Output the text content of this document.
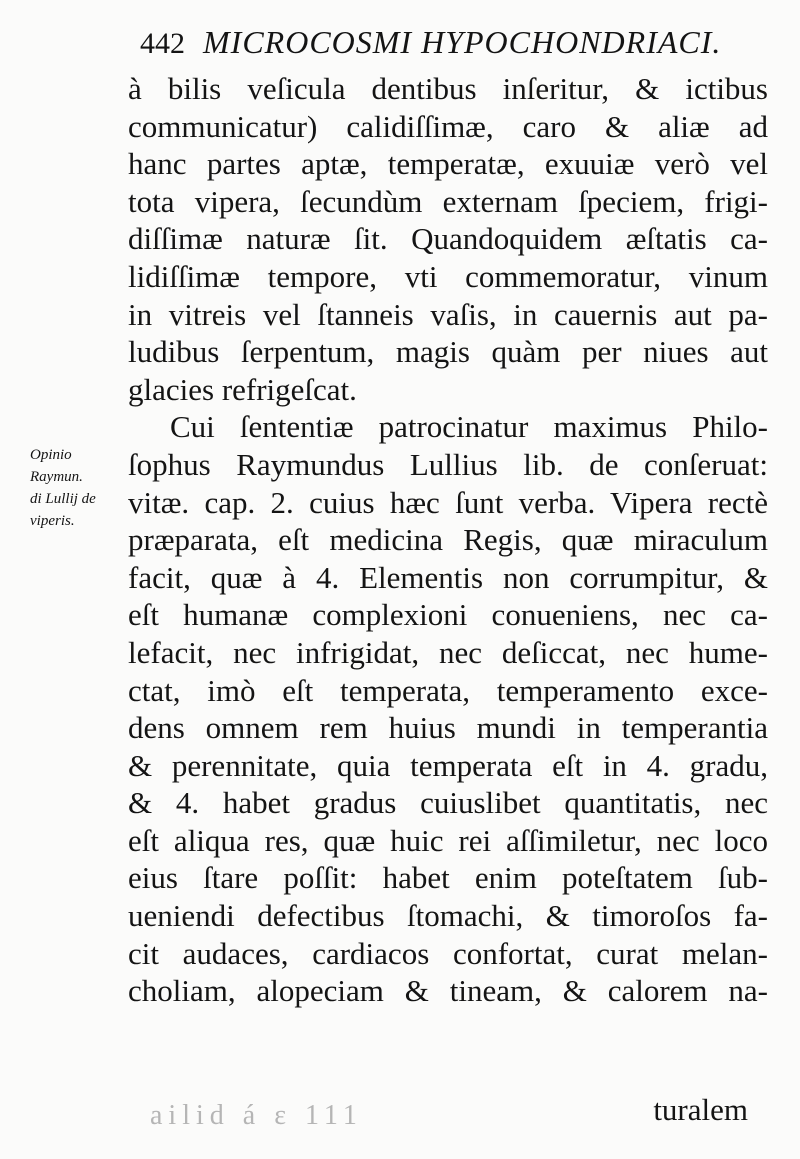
442 MICROCOSMI HYPOCHONDRIACI.
à bilis veſicula dentibus inſeritur, & ictibus
communicatur) calidiſſimæ, caro & aliæ ad
hanc partes aptæ, temperatæ, exuuiæ verò vel
tota vipera, ſecundùm externam ſpeciem, frigi-
diſſimæ naturæ ſit. Quandoquidem æſtatis ca-
lidiſſimæ tempore, vti commemoratur, vinum
in vitreis vel ſtanneis vaſis, in cauernis aut pa-
ludibus ſerpentum, magis quàm per niues aut
glacies refrigeſcat.
Cui ſententiæ patrocinatur maximus Philo-
ſophus Raymundus Lullius lib. de conſeruat:
vitæ. cap. 2. cuius hæc ſunt verba. Vipera rectè
præparata, eſt medicina Regis, quæ miraculum
facit, quæ à 4. Elementis non corrumpitur, &
eſt humanæ complexioni conueniens, nec ca-
lefacit, nec infrigidat, nec deſiccat, nec hume-
ctat, imò eſt temperata, temperamento exce-
dens omnem rem huius mundi in temperantia
& perennitate, quia temperata eſt in 4. gradu,
& 4. habet gradus cuiuslibet quantitatis, nec
eſt aliqua res, quæ huic rei aſſimiletur, nec loco
eius ſtare poſſit: habet enim poteſtatem ſub-
ueniendi defectibus ſtomachi, & timoroſos fa-
cit audaces, cardiacos confortat, curat melan-
choliam, alopeciam & tineam, & calorem na-
Opinio
Raymun.
di Lullij de
viperis.
ailid á ɛ 111	turalem
